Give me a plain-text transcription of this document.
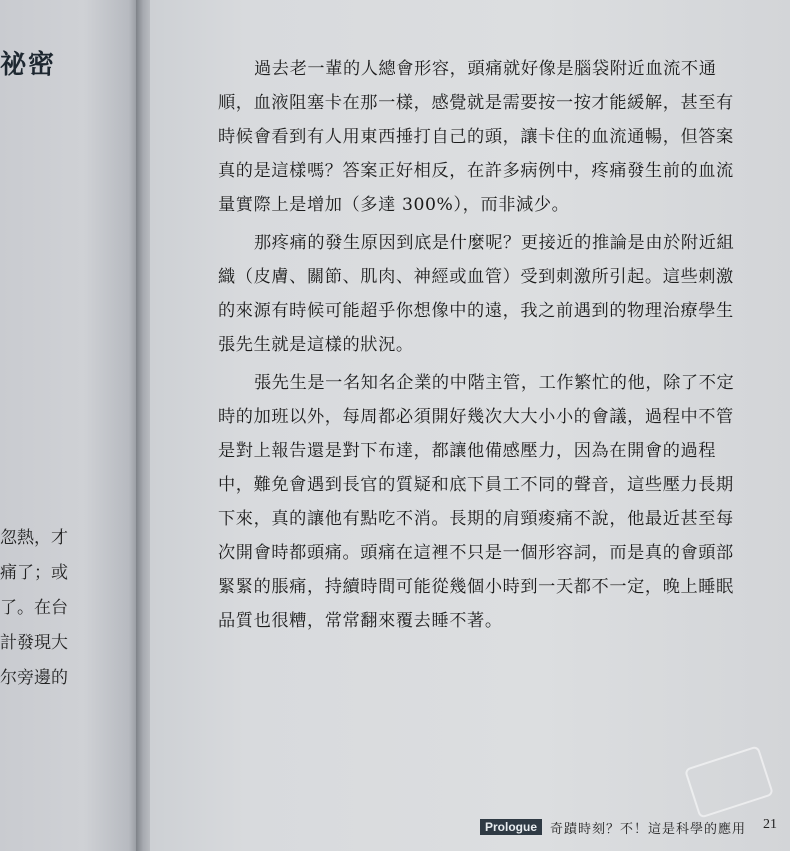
祕密
忽熱，才
痛了；或
了。在台
計發現大
尔旁邊的

過去老一輩的人總會形容，頭痛就好像是腦袋附近血流不通
順，血液阻塞卡在那一樣，感覺就是需要按一按才能緩解，甚至有
時候會看到有人用東西捶打自己的頭，讓卡住的血流通暢，但答案
真的是這樣嗎？答案正好相反，在許多病例中，疼痛發生前的血流
量實際上是增加（多達 300%），而非減少。

那疼痛的發生原因到底是什麼呢？更接近的推論是由於附近組
織（皮膚、關節、肌肉、神經或血管）受到刺激所引起。這些刺激
的來源有時候可能超乎你想像中的遠，我之前遇到的物理治療學生
張先生就是這樣的狀況。

張先生是一名知名企業的中階主管，工作繁忙的他，除了不定
時的加班以外，每周都必須開好幾次大大小小的會議，過程中不管
是對上報告還是對下布達，都讓他備感壓力，因為在開會的過程
中，難免會遇到長官的質疑和底下員工不同的聲音，這些壓力長期
下來，真的讓他有點吃不消。長期的肩頸痠痛不說，他最近甚至每
次開會時都頭痛。頭痛在這裡不只是一個形容詞，而是真的會頭部
緊緊的脹痛，持續時間可能從幾個小時到一天都不一定，晚上睡眠
品質也很糟，常常翻來覆去睡不著。

Prologue	奇蹟時刻？不！這是科學的應用 21
